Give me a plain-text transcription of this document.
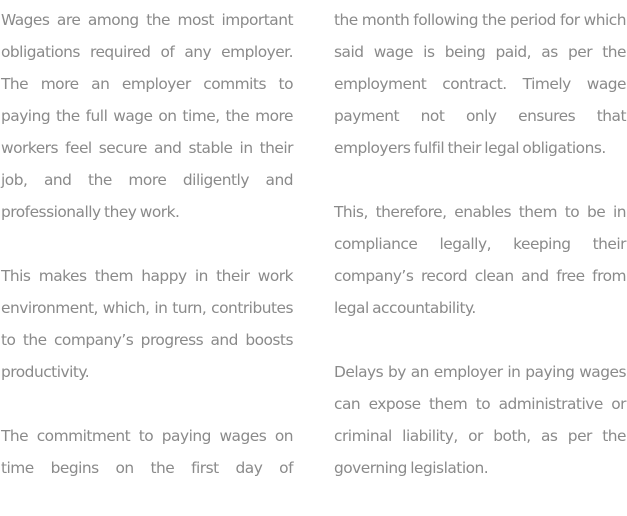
Wages are among the most important obligations required of any employer. The more an employer commits to paying the full wage on time, the more workers feel secure and stable in their job, and the more diligently and professionally they work.

This makes them happy in their work environment, which, in turn, contributes to the company’s progress and boosts productivity.

The commitment to paying wages on time begins on the first day of

the month following the period for which said wage is being paid, as per the employment contract. Timely wage payment not only ensures that employers fulfil their legal obligations.

This, therefore, enables them to be in compliance legally, keeping their company’s record clean and free from legal accountability.

Delays by an employer in paying wages can expose them to administrative or criminal liability, or both, as per the governing legislation.
